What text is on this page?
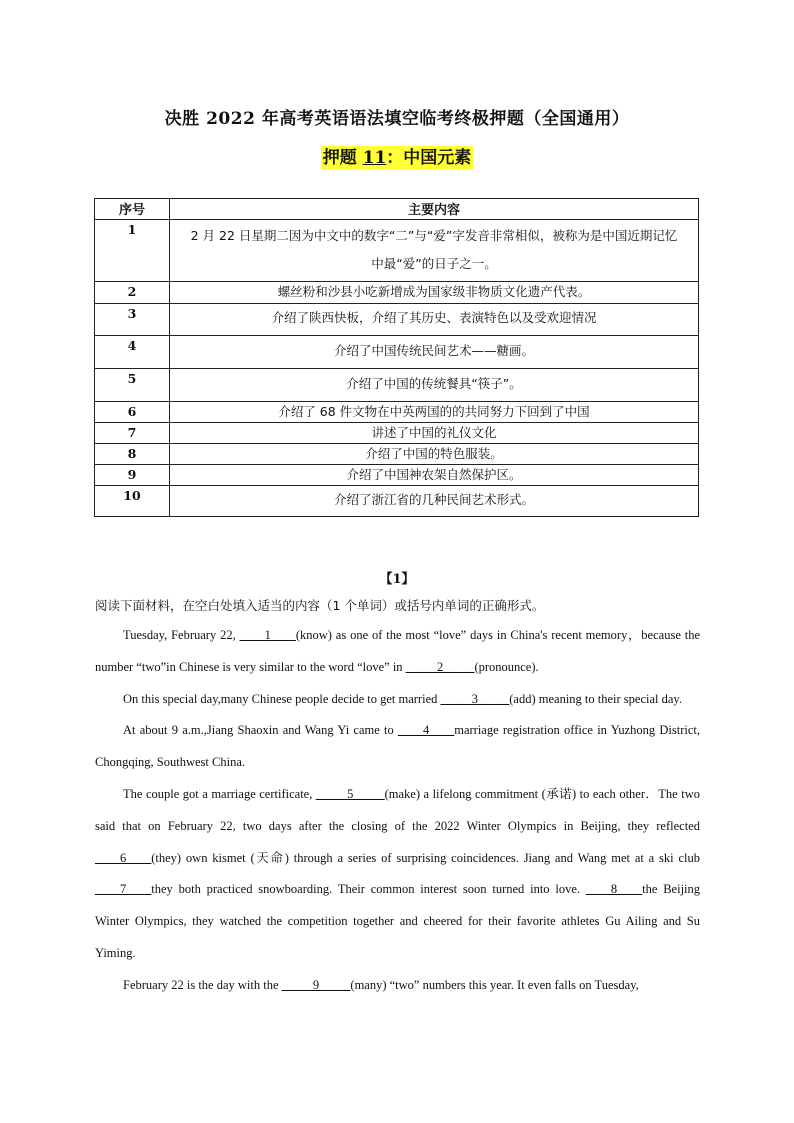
决胜 2022 年高考英语语法填空临考终极押题（全国通用）
押题 11：中国元素
序号	主要内容
1	2 月 22 日星期二因为中文中的数字“二”与“爱”字发音非常相似，被称为是中国近期记忆中最“爱”的日子之一。
2	螺丝粉和沙县小吃新增成为国家级非物质文化遗产代表。
3	介绍了陕西快板，介绍了其历史、表演特色以及受欢迎情况
4	介绍了中国传统民间艺术——糖画。
5	介绍了中国的传统餐具“筷子”。
6	介绍了 68 件文物在中英两国的的共同努力下回到了中国
7	讲述了中国的礼仪文化
8	介绍了中国的特色服装。
9	介绍了中国神农架自然保护区。
10	介绍了浙江省的几种民间艺术形式。
【1】
阅读下面材料，在空白处填入适当的内容（1 个单词）或括号内单词的正确形式。

Tuesday, February 22, ____1____(know) as one of the most “love” days in China's recent memory，because the number “two”in Chinese is very similar to the word “love” in _____2_____(pronounce).

On this special day,many Chinese people decide to get married _____3_____(add) meaning to their special day.

At about 9 a.m.,Jiang Shaoxin and Wang Yi came to ____4____marriage registration office in Yuzhong District, Chongqing, Southwest China.

The couple got a marriage certificate, _____5_____(make) a lifelong commitment (承诺) to each other．The two said that on February 22, two days after the closing of the 2022 Winter Olympics in Beijing, they reflected ____6____(they) own kismet (天命) through a series of surprising coincidences. Jiang and Wang met at a ski club ____7____they both practiced snowboarding. Their common interest soon turned into love. ____8____the Beijing Winter Olympics, they watched the competition together and cheered for their favorite athletes Gu Ailing and Su Yiming.

February 22 is the day with the _____9_____(many) “two” numbers this year. It even falls on Tuesday,
